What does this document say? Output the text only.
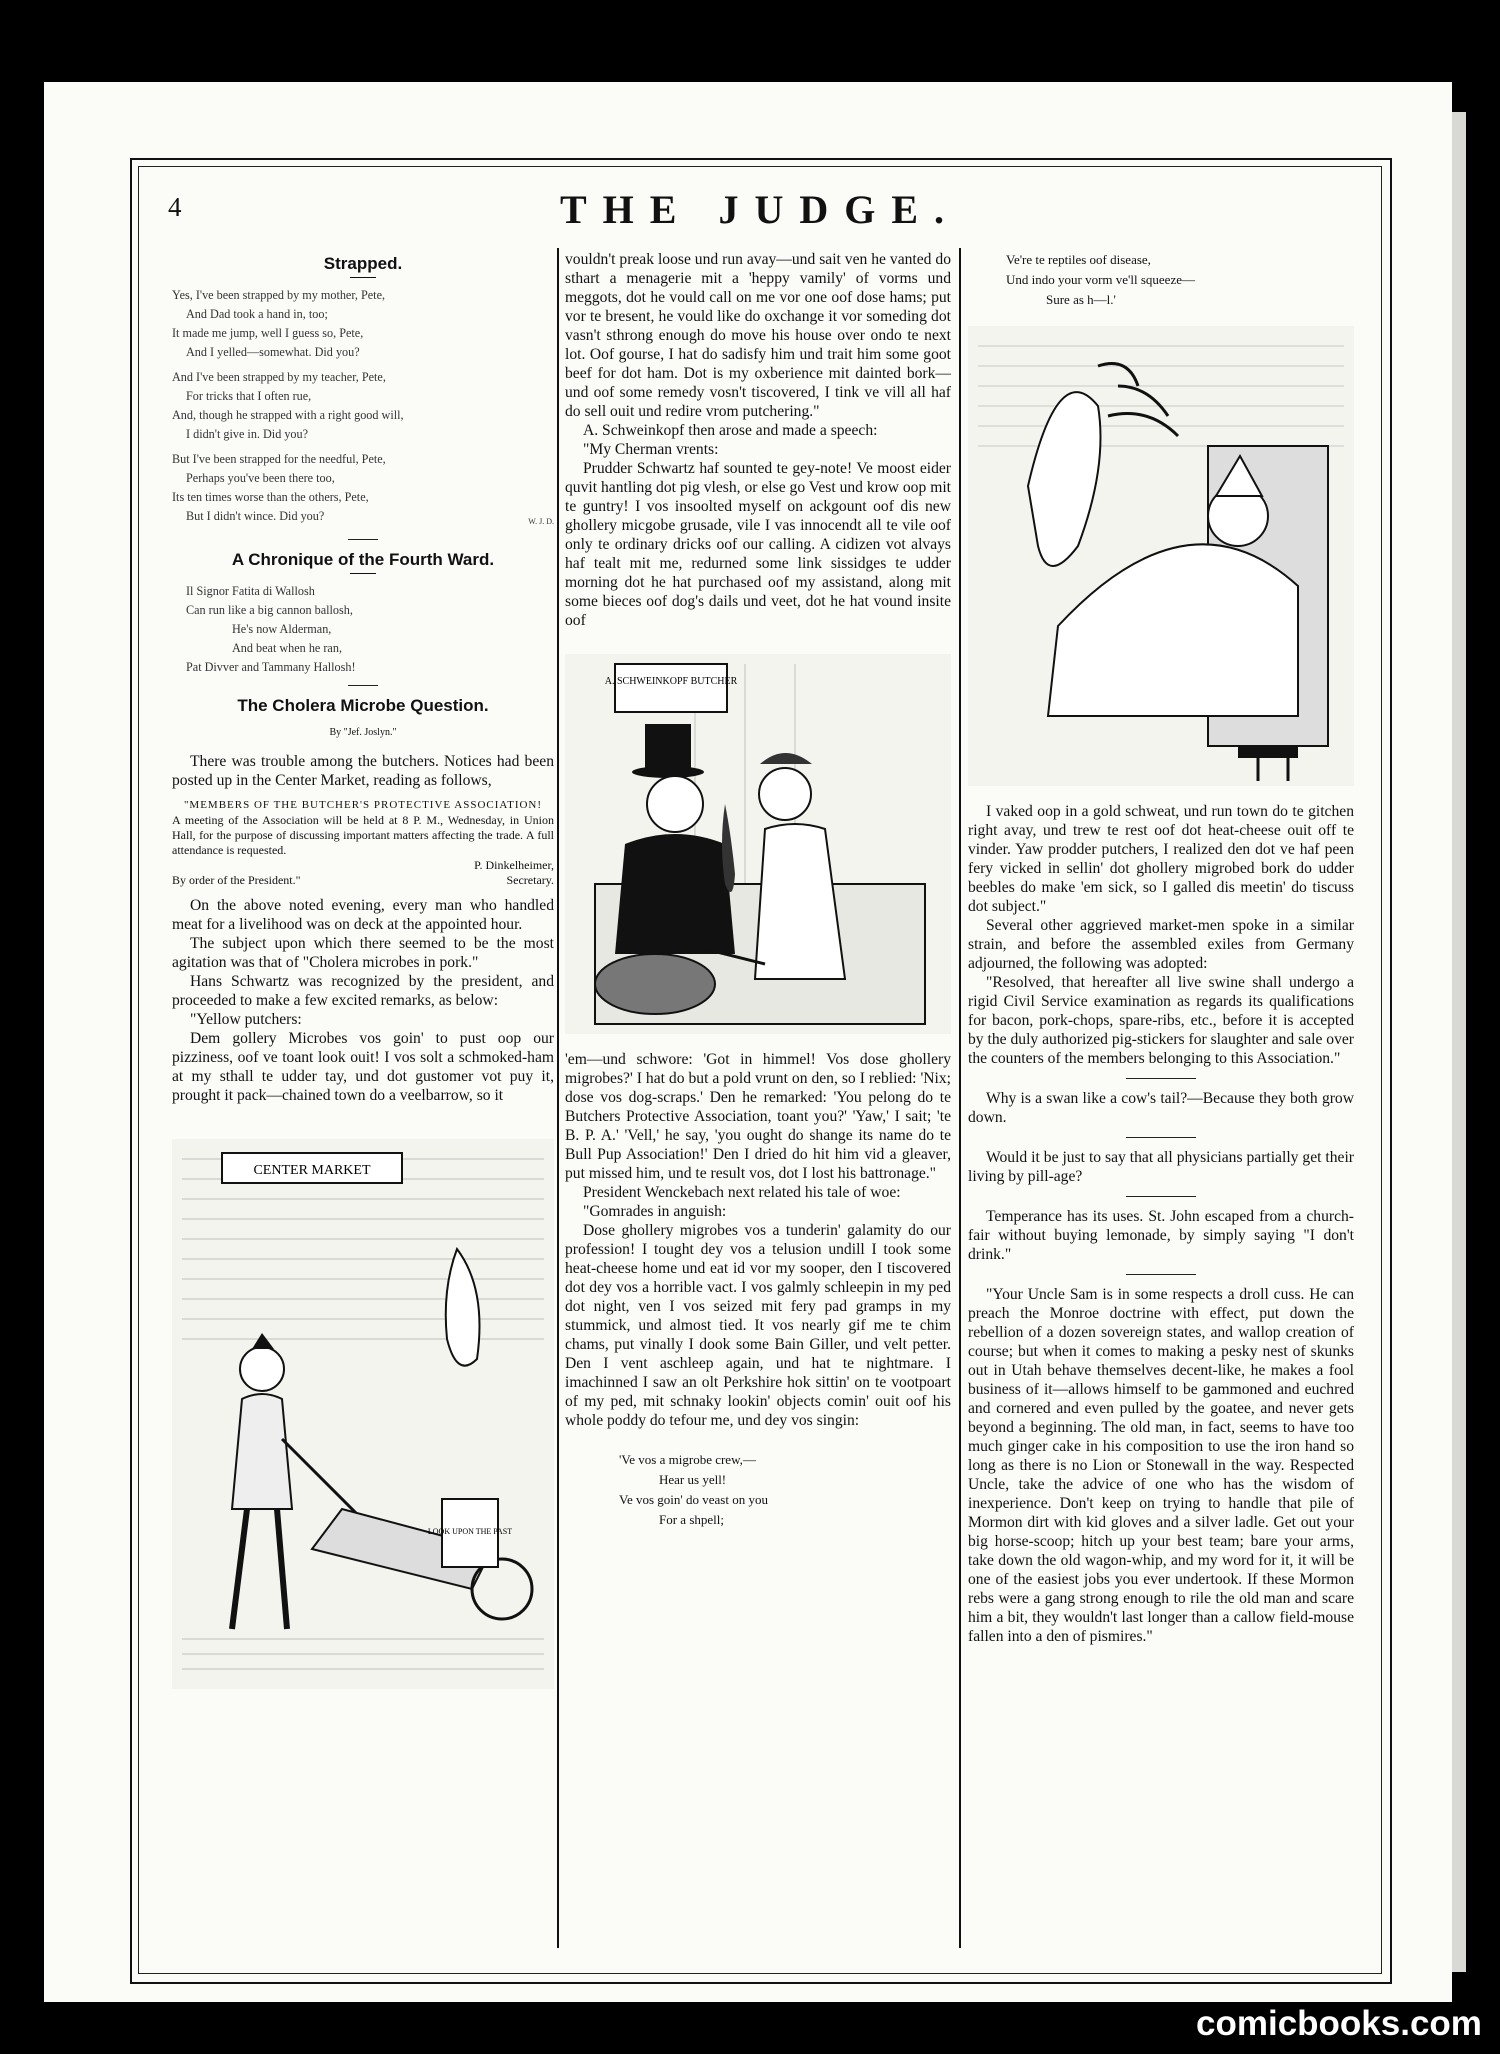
4	THE JUDGE.
Strapped.
Yes, I've been strapped by my mother, Pete,
And Dad took a hand in, too;
It made me jump, well I guess so, Pete,
And I yelled—somewhat. Did you?
And I've been strapped by my teacher, Pete,
For tricks that I often rue,
And, though he strapped with a right good will,
I didn't give in. Did you?
But I've been strapped for the needful, Pete,
Perhaps you've been there too,
Its ten times worse than the others, Pete,
But I didn't wince. Did you?	W. J. D.
A Chronique of the Fourth Ward.
Il Signor Fatita di Wallosh
Can run like a big cannon ballosh,
He's now Alderman,
And beat when he ran,
Pat Divver and Tammany Hallosh!
The Cholera Microbe Question.
By "Jef. Joslyn."

There was trouble among the butchers. Notices had been posted up in the Center Market, reading as follows,

"MEMBERS OF THE BUTCHER'S PROTECTIVE ASSOCIATION!
A meeting of the Association will be held at 8 P. M., Wednesday, in Union Hall, for the purpose of discussing important matters affecting the trade. A full attendance is requested.
P. Dinkelheimer,
By order of the President."	Secretary.

On the above noted evening, every man who handled meat for a livelihood was on deck at the appointed hour.

The subject upon which there seemed to be the most agitation was that of "Cholera microbes in pork."

Hans Schwartz was recognized by the president, and proceeded to make a few excited remarks, as below:

"Yellow putchers:

Dem gollery Microbes vos goin' to pust oop our pizziness, oof ve toant look ouit! I vos solt a schmoked-ham at my sthall te udder tay, und dot gustomer vot puy it, prought it pack—chained town do a veelbarrow, so it

CENTER MARKET
LOOK UPON THE PAST

vouldn't preak loose und run avay—und sait ven he vanted do sthart a menagerie mit a 'heppy vamily' of vorms und meggots, dot he vould call on me vor one oof dose hams; put vor te bresent, he vould like do oxchange it vor someding dot vasn't sthrong enough do move his house over ondo te next lot. Oof gourse, I hat do sadisfy him und trait him some goot beef for dot ham. Dot is my oxberience mit dainted bork—und oof some remedy vosn't tiscovered, I tink ve vill all haf do sell ouit und redire vrom putchering."

A. Schweinkopf then arose and made a speech:

"My Cherman vrents:

Prudder Schwartz haf sounted te gey-note! Ve moost eider quvit hantling dot pig vlesh, or else go Vest und krow oop mit te guntry! I vos insoolted myself on ackgount oof dis new ghollery micgobe grusade, vile I vas innocendt all te vile oof only te ordinary dricks oof our calling. A cidizen vot alvays haf tealt mit me, redurned some link sissidges te udder morning dot he hat purchased oof my assistand, along mit some bieces oof dog's dails und veet, dot he hat vound insite oof

A. SCHWEINKOPF BUTCHER

'em—und schwore: 'Got in himmel! Vos dose ghollery migrobes?' I hat do but a pold vrunt on den, so I reblied: 'Nix; dose vos dog-scraps.' Den he remarked: 'You pelong do te Butchers Protective Association, toant you?' 'Yaw,' I sait; 'te B. P. A.' 'Vell,' he say, 'you ought do shange its name do te Bull Pup Association!' Den I dried do hit him vid a gleaver, put missed him, und te result vos, dot I lost his battronage."

President Wenckebach next related his tale of woe:

"Gomrades in anguish:

Dose ghollery migrobes vos a tunderin' galamity do our profession! I tought dey vos a telusion undill I took some heat-cheese home und eat id vor my sooper, den I tiscovered dot dey vos a horrible vact. I vos galmly schleepin in my ped dot night, ven I vos seized mit fery pad gramps in my stummick, und almost tied. It vos nearly gif me te chim chams, put vinally I dook some Bain Giller, und velt petter. Den I vent aschleep again, und hat te nightmare. I imachinned I saw an olt Perkshire hok sittin' on te vootpoart of my ped, mit schnaky lookin' objects comin' ouit oof his whole poddy do tefour me, und dey vos singin:

'Ve vos a migrobe crew,—
Hear us yell!
Ve vos goin' do veast on you
For a shpell;
Ve're te reptiles oof disease,
Und indo your vorm ve'll squeeze—
Sure as h—l.'

I vaked oop in a gold schweat, und run town do te gitchen right avay, und trew te rest oof dot heat-cheese ouit off te vinder. Yaw prodder putchers, I realized den dot ve haf peen fery vicked in sellin' dot ghollery migrobed bork do udder beebles do make 'em sick, so I galled dis meetin' do tiscuss dot subject."

Several other aggrieved market-men spoke in a similar strain, and before the assembled exiles from Germany adjourned, the following was adopted:

"Resolved, that hereafter all live swine shall undergo a rigid Civil Service examination as regards its qualifications for bacon, pork-chops, spare-ribs, etc., before it is accepted by the duly authorized pig-stickers for slaughter and sale over the counters of the members belonging to this Association."

Why is a swan like a cow's tail?—Because they both grow down.

Would it be just to say that all physicians partially get their living by pill-age?

Temperance has its uses. St. John escaped from a church-fair without buying lemonade, by simply saying "I don't drink."

"Your Uncle Sam is in some respects a droll cuss. He can preach the Monroe doctrine with effect, put down the rebellion of a dozen sovereign states, and wallop creation of course; but when it comes to making a pesky nest of skunks out in Utah behave themselves decent-like, he makes a fool business of it—allows himself to be gammoned and euchred and cornered and even pulled by the goatee, and never gets beyond a beginning. The old man, in fact, seems to have too much ginger cake in his composition to use the iron hand so long as there is no Lion or Stonewall in the way. Respected Uncle, take the advice of one who has the wisdom of inexperience. Don't keep on trying to handle that pile of Mormon dirt with kid gloves and a silver ladle. Get out your big horse-scoop; hitch up your best team; bare your arms, take down the old wagon-whip, and my word for it, it will be one of the easiest jobs you ever undertook. If these Mormon rebs were a gang strong enough to rile the old man and scare him a bit, they wouldn't last longer than a callow field-mouse fallen into a den of pismires."

comicbooks.com
